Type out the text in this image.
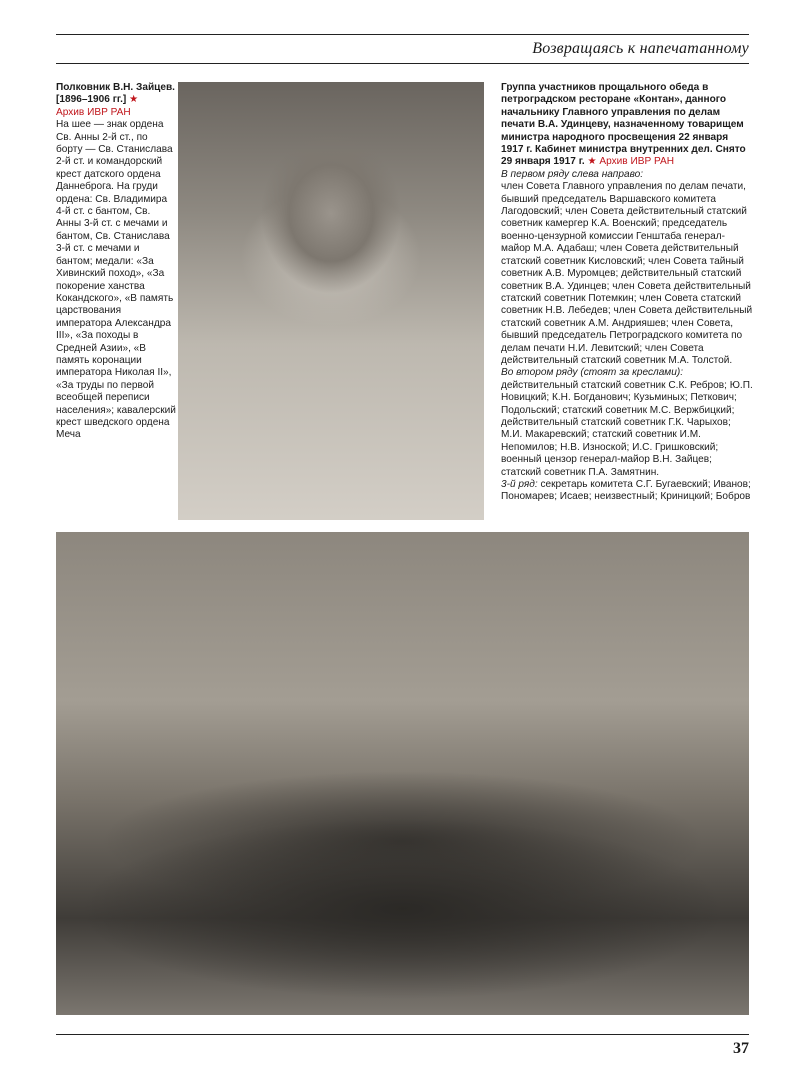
Возвращаясь к напечатанному
Полковник В.Н. Зайцев. [1896–1906 гг.] ★
Архив ИВР РАН
На шее — знак ордена Св. Анны 2-й ст., по борту — Св. Станислава 2-й ст. и командорский крест датского ордена Даннеброга. На груди ордена: Св. Владимира 4-й ст. с бантом, Св. Анны 3-й ст. с мечами и бантом, Св. Станислава 3-й ст. с мечами и бантом; медали: «За Хивинский поход», «За покорение ханства Кокандского», «В память царствования императора Александра III», «За походы в Средней Азии», «В память коронации императора Николая II», «За труды по первой всеобщей переписи населения»; кавалерский крест шведского ордена Меча
Группа участников прощального обеда в петроградском ресторане «Контан», данного начальнику Главного управления по делам печати В.А. Удинцеву, назначенному товарищем министра народного просвещения 22 января 1917 г. Кабинет министра внутренних дел. Снято 29 января 1917 г. ★ Архив ИВР РАН
В первом ряду слева направо:
член Совета Главного управления по делам печати, бывший председатель Варшавского комитета Лагодовский; член Совета действительный статский советник камергер К.А. Военский; председатель военно-цензурной комиссии Генштаба генерал-майор М.А. Адабаш; член Совета действительный статский советник Кисловский; член Совета тайный советник А.В. Муромцев; действительный статский советник В.А. Удинцев; член Совета действительный статский советник Потемкин; член Совета статский советник Н.В. Лебедев; член Совета действительный статский советник А.М. Андрияшев; член Совета, бывший председатель Петроградского комитета по делам печати Н.И. Левитский; член Совета действительный статский советник М.А. Толстой.
Во втором ряду (стоят за креслами):
действительный статский советник С.К. Ребров; Ю.П. Новицкий; К.Н. Богданович; Кузьминых; Петкович; Подольский; статский советник М.С. Вержбицкий; действительный статский советник Г.К. Чарыхов; М.И. Макаревский; статский советник И.М. Непомилов; Н.В. Изноской; И.С. Гришковский; военный цензор генерал-майор В.Н. Зайцев; статский советник П.А. Замятнин.
3-й ряд: секретарь комитета С.Г. Бугаевский; Иванов; Пономарев; Исаев; неизвестный; Криницкий; Бобров
37
